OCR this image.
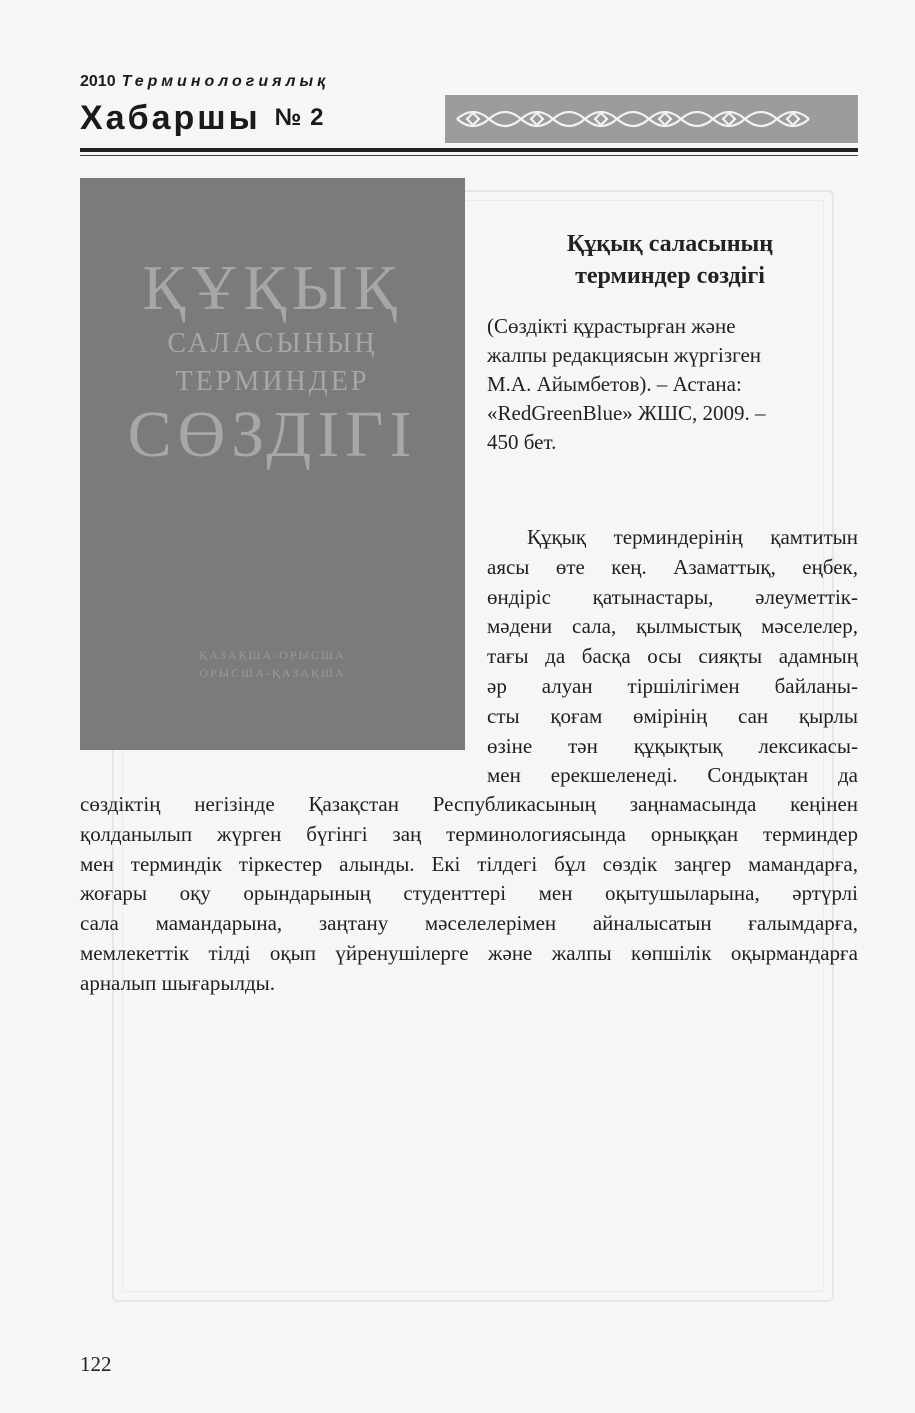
2010 Терминологиялық
Хабаршы № 2
ҚҰҚЫҚ
САЛАСЫНЫҢ
ТЕРМИНДЕР
СӨЗДІГІ
ҚАЗАҚША-ОРЫСША
ОРЫСША-ҚАЗАҚША
Құқық саласының
терминдер сөздігі
(Сөздікті құрастырған және
жалпы редакциясын жүргізген
М.А. Айымбетов). – Астана:
«RedGreenBlue» ЖШС, 2009. –
450 бет.
Құқық терминдерінің қамтитын
аясы өте кең. Азаматтық, еңбек,
өндіріс қатынастары, әлеуметтік-
мәдени сала, қылмыстық мәселелер,
тағы да басқа осы сияқты адамның
әр алуан тіршілігімен байланы-
сты қоғам өмірінің сан қырлы
өзіне тән құқықтық лексикасы-
мен ерекшеленеді. Сондықтан да
сөздіктің негізінде Қазақстан Республикасының заңнамасында кеңінен
қолданылып жүрген бүгінгі заң терминологиясында орныққан терминдер
мен терминдік тіркестер алынды. Екі тілдегі бұл сөздік заңгер мамандарға,
жоғары оқу орындарының студенттері мен оқытушыларына, әртүрлі
сала мамандарына, заңтану мәселелерімен айналысатын ғалымдарға,
мемлекеттік тілді оқып үйренушілерге және жалпы көпшілік оқырмандарға
арналып шығарылды.
122
